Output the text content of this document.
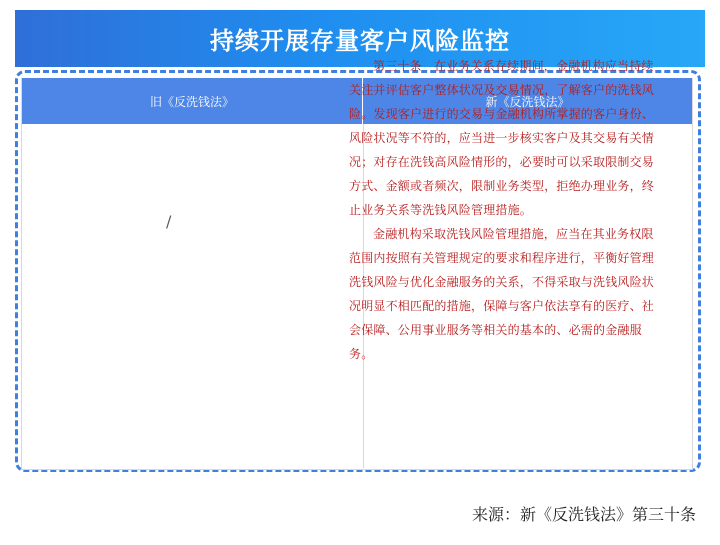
持续开展存量客户风险监控
旧《反洗钱法》	新《反洗钱法》
/

第三十条　在业务关系存续期间，金融机构应当持续关注并评估客户整体状况及交易情况，了解客户的洗钱风险。发现客户进行的交易与金融机构所掌握的客户身份、风险状况等不符的，应当进一步核实客户及其交易有关情况；对存在洗钱高风险情形的，必要时可以采取限制交易方式、金额或者频次，限制业务类型，拒绝办理业务，终止业务关系等洗钱风险管理措施。

金融机构采取洗钱风险管理措施，应当在其业务权限范围内按照有关管理规定的要求和程序进行，平衡好管理洗钱风险与优化金融服务的关系，不得采取与洗钱风险状况明显不相匹配的措施，保障与客户依法享有的医疗、社会保障、公用事业服务等相关的基本的、必需的金融服务。

来源：新《反洗钱法》第三十条
